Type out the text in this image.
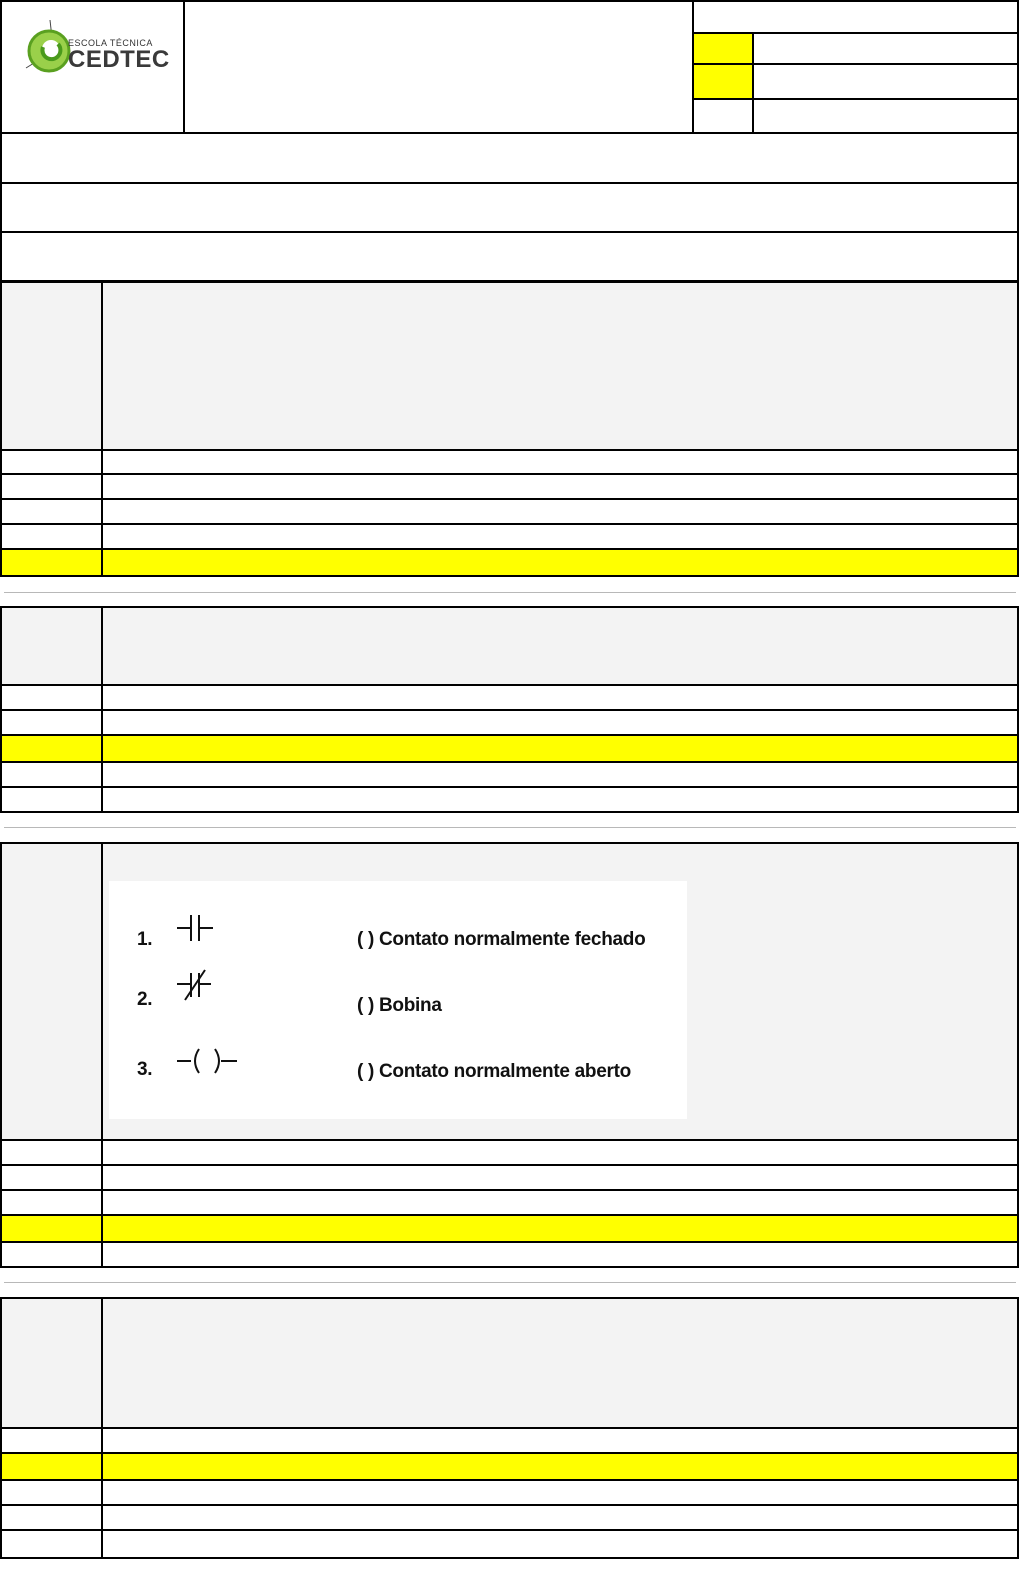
ESCOLA TÉCNICA
CEDTEC
1.
2.
3.
( ) Contato normalmente fechado
( ) Bobina
( ) Contato normalmente aberto
